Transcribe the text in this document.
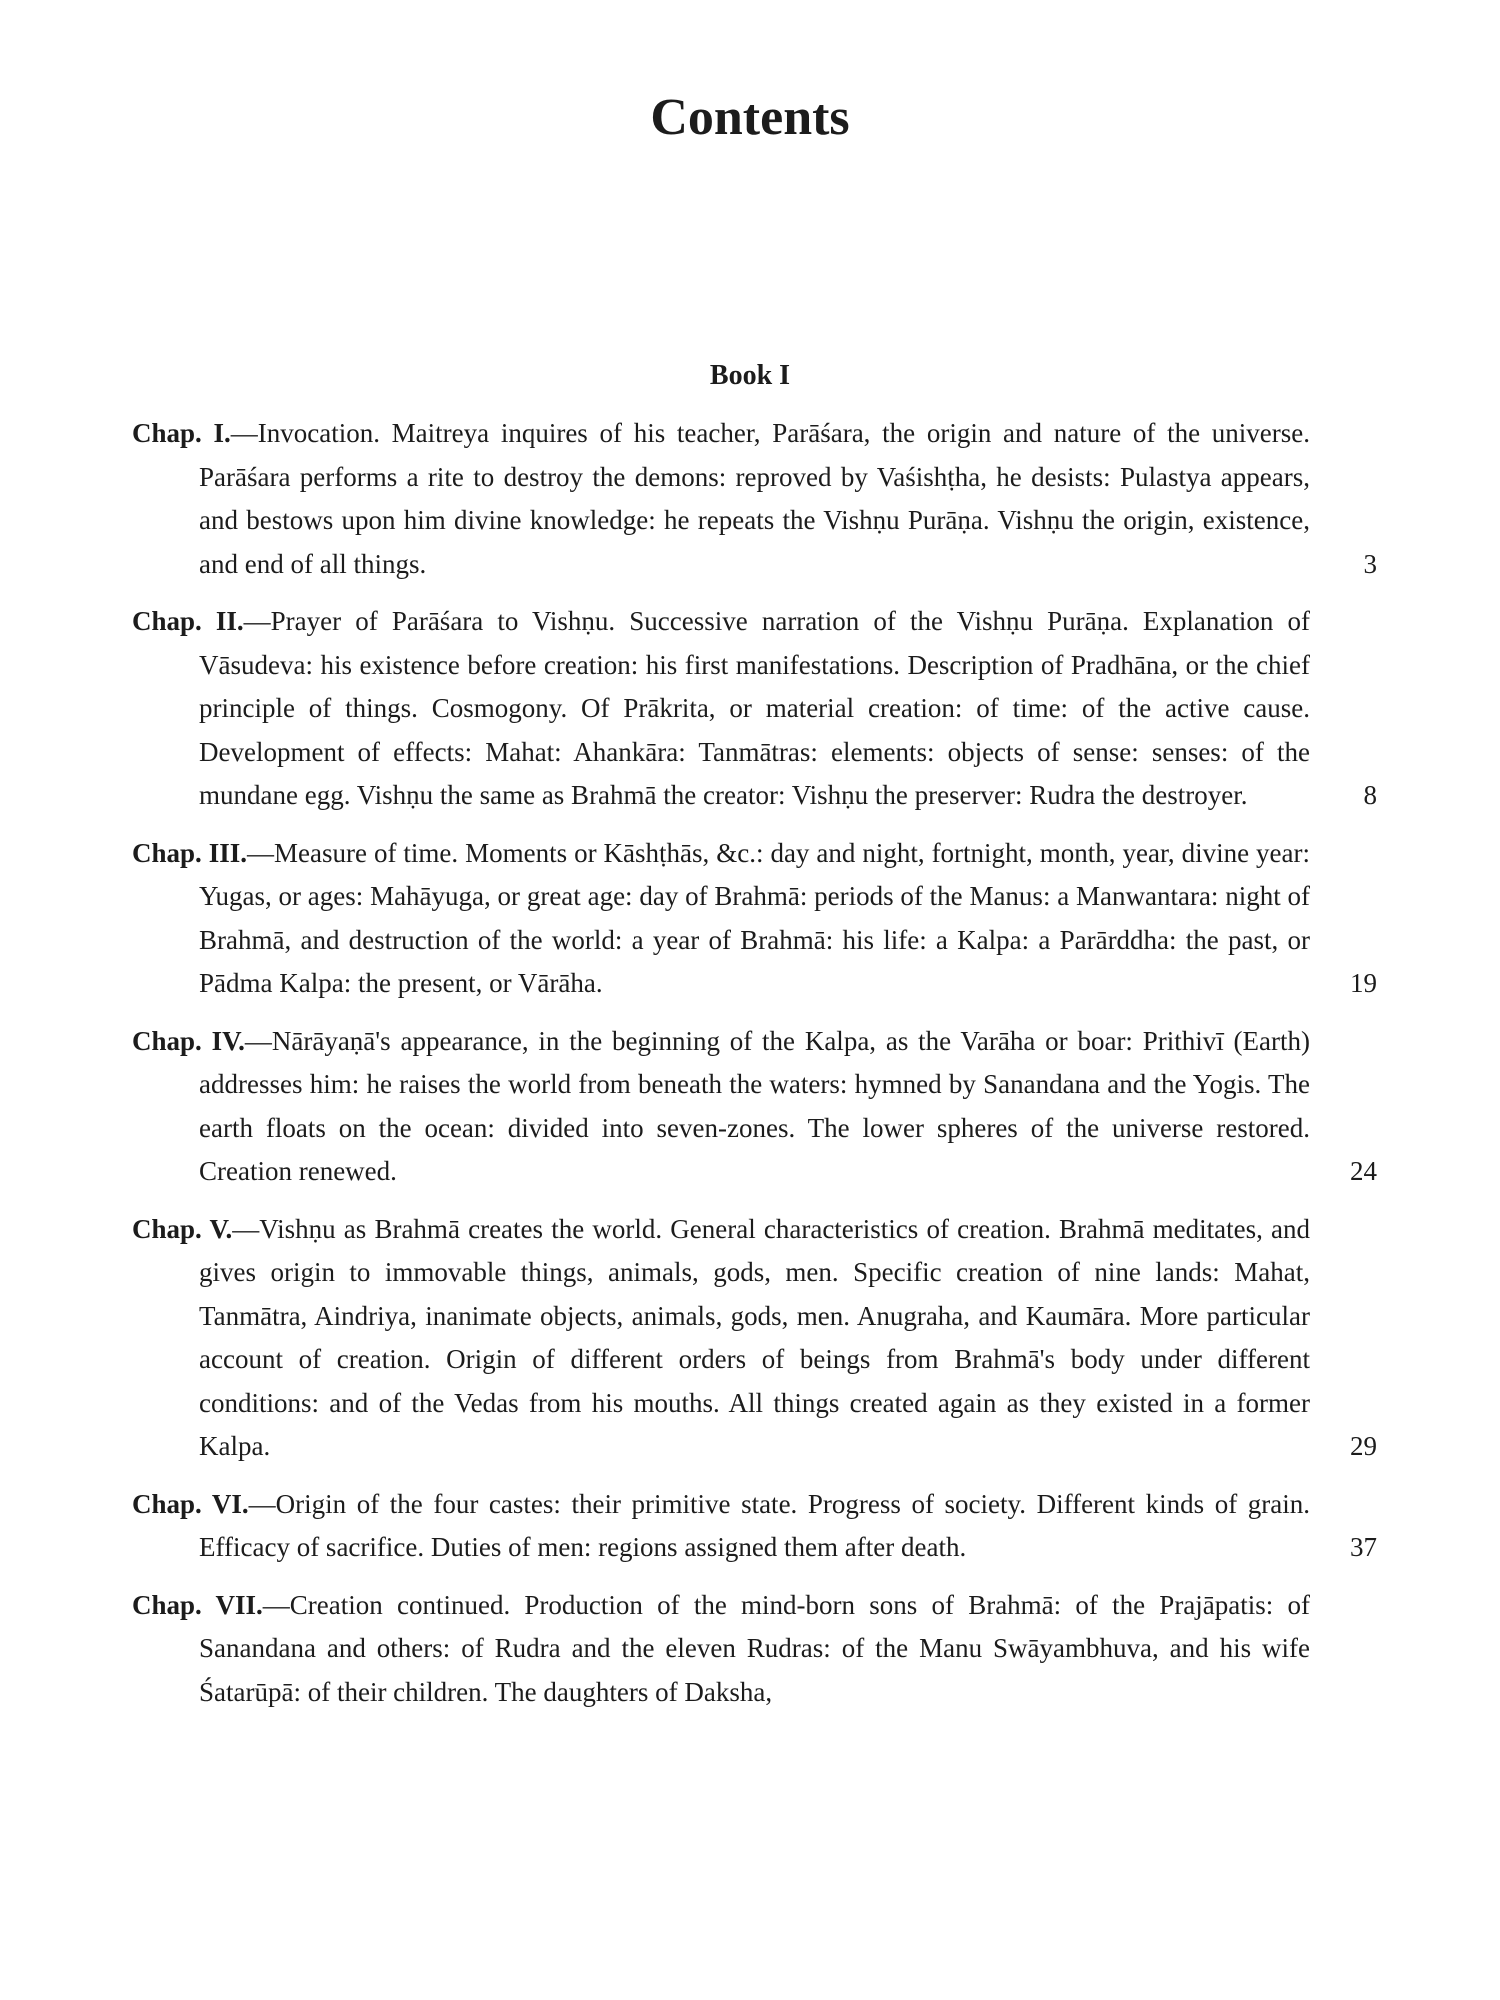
Contents
Book I

Chap. I.—Invocation. Maitreya inquires of his teacher, Parāśara, the origin and nature of the universe. Parāśara performs a rite to destroy the demons: reproved by Vaśishṭha, he desists: Pulastya appears, and bestows upon him divine knowledge: he repeats the Vishṇu Purāṇa. Vishṇu the origin, existence, and end of all things.	3

Chap. II.—Prayer of Parāśara to Vishṇu. Successive narration of the Vishṇu Purāṇa. Explanation of Vāsudeva: his existence before creation: his first manifestations. Description of Pradhāna, or the chief principle of things. Cosmogony. Of Prākrita, or material creation: of time: of the active cause. Development of effects: Mahat: Ahankāra: Tanmātras: elements: objects of sense: senses: of the mundane egg. Vishṇu the same as Brahmā the creator: Vishṇu the preserver: Rudra the destroyer.	8

Chap. III.—Measure of time. Moments or Kāshṭhās, &c.: day and night, fortnight, month, year, divine year: Yugas, or ages: Mahāyuga, or great age: day of Brahmā: periods of the Manus: a Manwantara: night of Brahmā, and destruction of the world: a year of Brahmā: his life: a Kalpa: a Parārddha: the past, or Pādma Kalpa: the present, or Vārāha.	19

Chap. IV.—Nārāyaṇā's appearance, in the beginning of the Kalpa, as the Varāha or boar: Prithivī (Earth) addresses him: he raises the world from beneath the waters: hymned by Sanandana and the Yogis. The earth floats on the ocean: divided into seven-zones. The lower spheres of the universe restored. Creation renewed.	24

Chap. V.—Vishṇu as Brahmā creates the world. General characteristics of creation. Brahmā meditates, and gives origin to immovable things, animals, gods, men. Specific creation of nine lands: Mahat, Tanmātra, Aindriya, inanimate objects, animals, gods, men. Anugraha, and Kaumāra. More particular account of creation. Origin of different orders of beings from Brahmā's body under different conditions: and of the Vedas from his mouths. All things created again as they existed in a former Kalpa.	29

Chap. VI.—Origin of the four castes: their primitive state. Progress of society. Different kinds of grain. Efficacy of sacrifice. Duties of men: regions assigned them after death.	37

Chap. VII.—Creation continued. Production of the mind-born sons of Brahmā: of the Prajāpatis: of Sanandana and others: of Rudra and the eleven Rudras: of the Manu Swāyambhuva, and his wife Śatarūpā: of their children. The daughters of Daksha,
